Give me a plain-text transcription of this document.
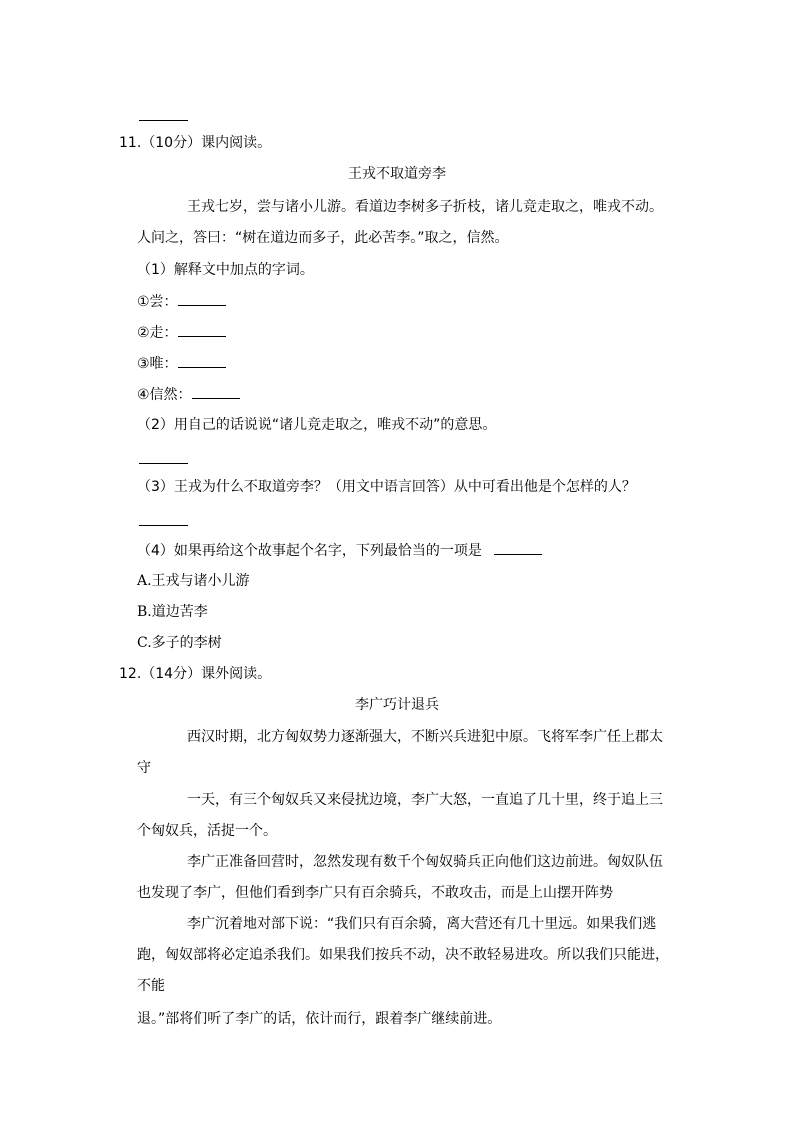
11.（10分）课内阅读。
王戎不取道旁李
王戎七岁，尝与诸小儿游。看道边李树多子折枝，诸儿竞走取之，唯戎不动。
人问之，答曰：“树在道边而多子，此必苦李。”取之，信然。
（1）解释文中加点的字词。
①尝：
②走：
③唯：
④信然：
（2）用自己的话说说“诸儿竞走取之，唯戎不动”的意思。
（3）王戎为什么不取道旁李？（用文中语言回答）从中可看出他是个怎样的人？
（4）如果再给这个故事起个名字，下列最恰当的一项是
A.王戎与诸小儿游
B.道边苦李
C.多子的李树
12.（14分）课外阅读。
李广巧计退兵
西汉时期，北方匈奴势力逐渐强大，不断兴兵进犯中原。飞将军李广任上郡太
守
一天，有三个匈奴兵又来侵扰边境，李广大怒，一直追了几十里，终于追上三
个匈奴兵，活捉一个。
李广正准备回营时，忽然发现有数千个匈奴骑兵正向他们这边前进。匈奴队伍
也发现了李广，但他们看到李广只有百余骑兵，不敢攻击，而是上山摆开阵势
李广沉着地对部下说：“我们只有百余骑，离大营还有几十里远。如果我们逃
跑，匈奴部将必定追杀我们。如果我们按兵不动，决不敢轻易进攻。所以我们只能进，
不能
退。”部将们听了李广的话，依计而行，跟着李广继续前进。
